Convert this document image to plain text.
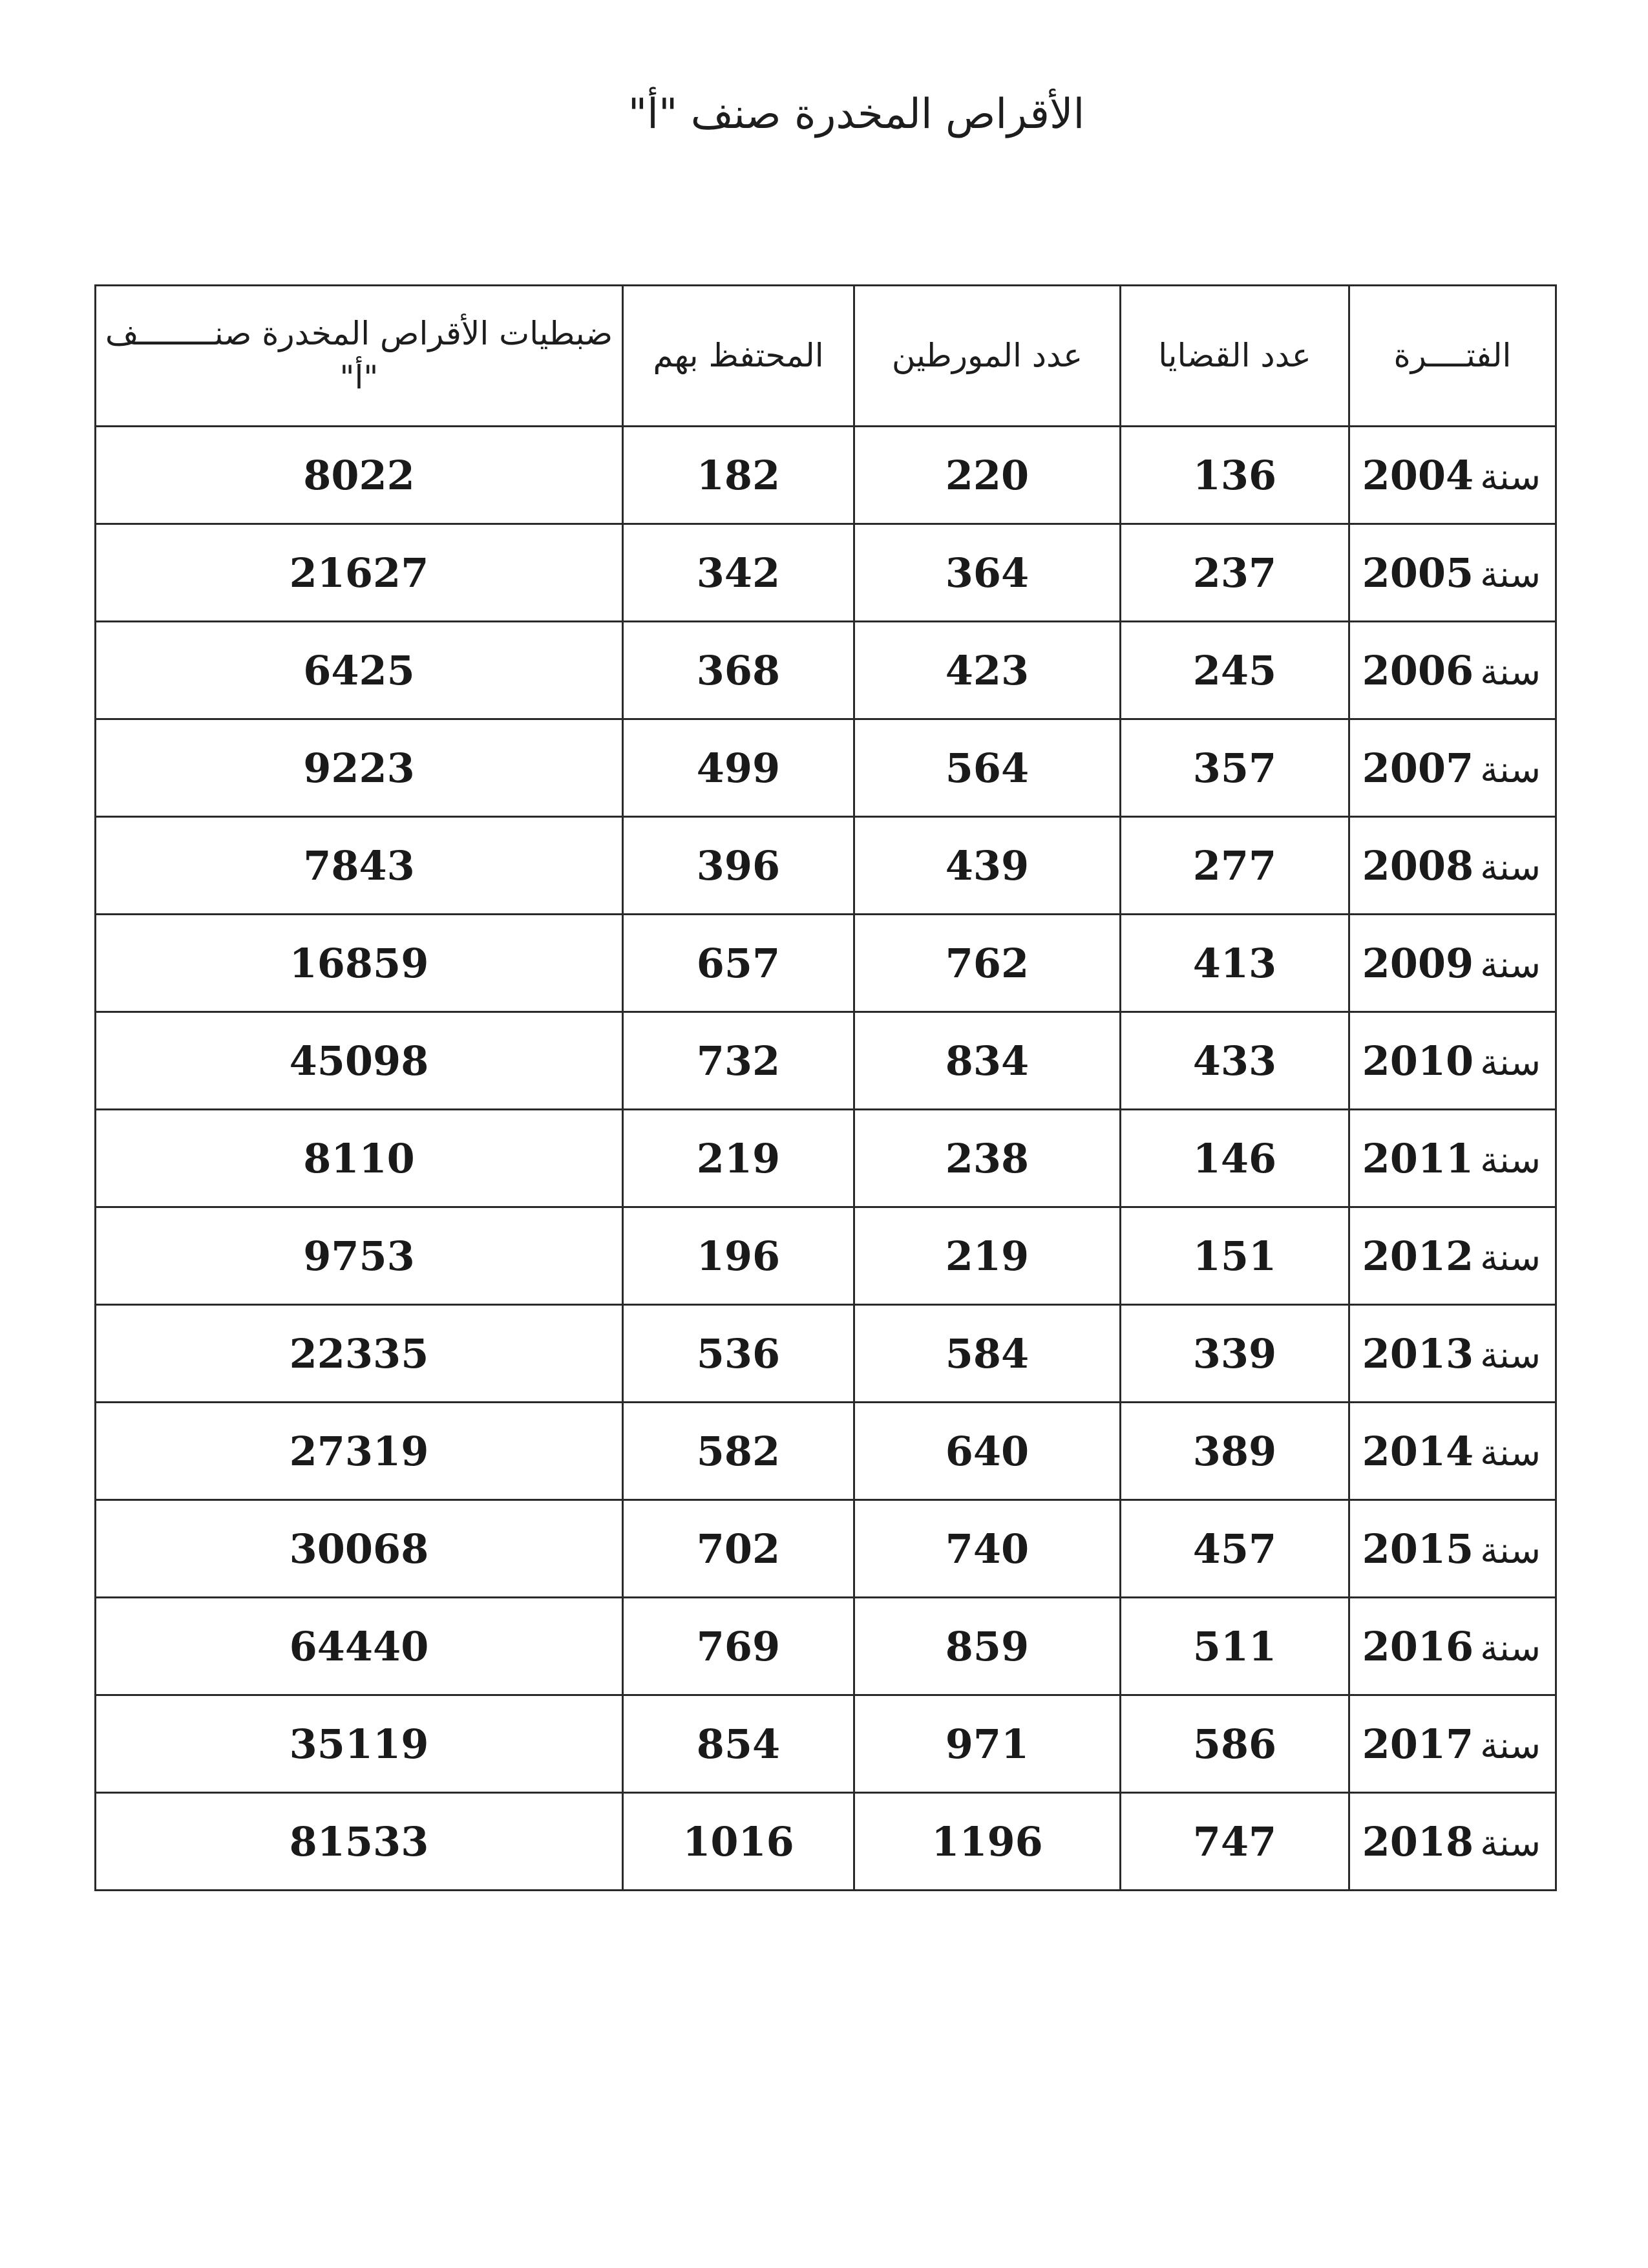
الأقراص المخدرة صنف "أ"
ضبطيات الأقراص المخدرة صنــــــــف "أ"	المحتفظ بهم	عدد المورطين	عدد القضايا	الفتــــرة
8022	182	220	136	سنة2004
21627	342	364	237	سنة2005
6425	368	423	245	سنة2006
9223	499	564	357	سنة2007
7843	396	439	277	سنة2008
16859	657	762	413	سنة2009
45098	732	834	433	سنة2010
8110	219	238	146	سنة2011
9753	196	219	151	سنة2012
22335	536	584	339	سنة2013
27319	582	640	389	سنة2014
30068	702	740	457	سنة2015
64440	769	859	511	سنة2016
35119	854	971	586	سنة2017
81533	1016	1196	747	سنة2018
